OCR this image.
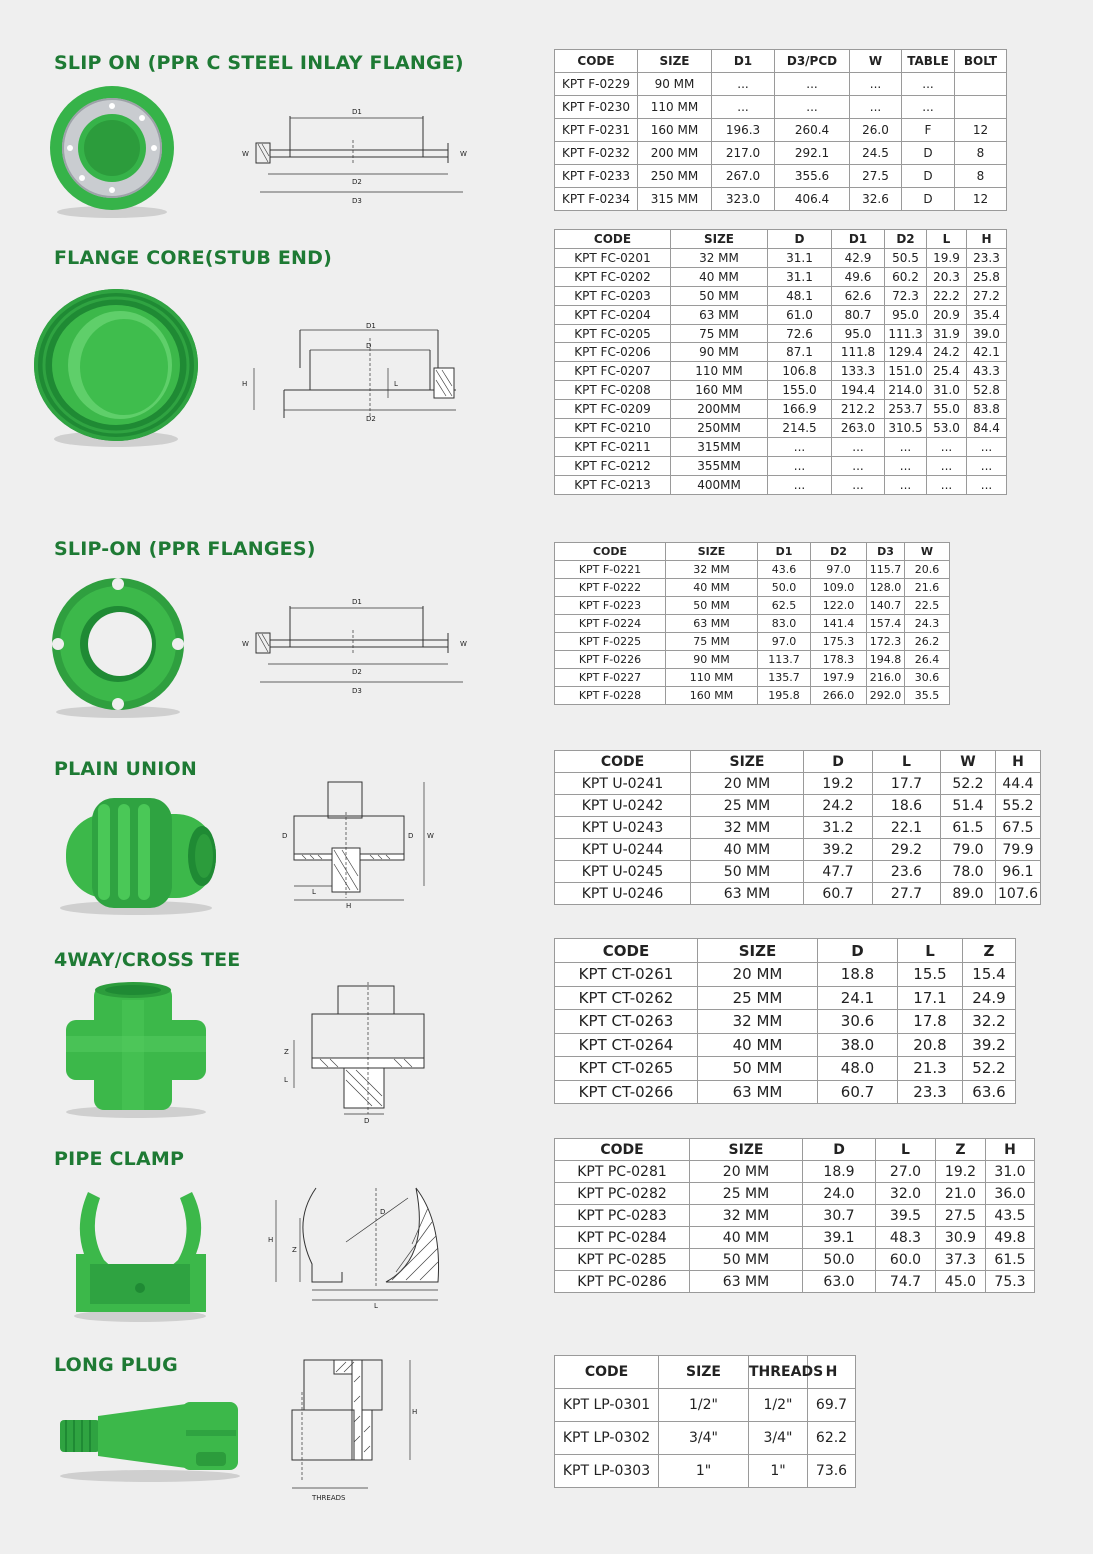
SLIP ON (PPR C STEEL INLAY FLANGE)
D1
D2
D3
W	W
CODE	SIZE	D1	D3/PCD	W	TABLE	BOLT
KPT F-0229	90 MM	...	...	...	...	
KPT F-0230	110 MM	...	...	...	...	
KPT F-0231	160 MM	196.3	260.4	26.0	F	12
KPT F-0232	200 MM	217.0	292.1	24.5	D	8
KPT F-0233	250 MM	267.0	355.6	27.5	D	8
KPT F-0234	315 MM	323.0	406.4	32.6	D	12
FLANGE CORE(STUB END)
D1
D
H	L
D2
CODE	SIZE	D	D1	D2	L	H
KPT FC-0201	32 MM	31.1	42.9	50.5	19.9	23.3
KPT FC-0202	40 MM	31.1	49.6	60.2	20.3	25.8
KPT FC-0203	50 MM	48.1	62.6	72.3	22.2	27.2
KPT FC-0204	63 MM	61.0	80.7	95.0	20.9	35.4
KPT FC-0205	75 MM	72.6	95.0	111.3	31.9	39.0
KPT FC-0206	90 MM	87.1	111.8	129.4	24.2	42.1
KPT FC-0207	110 MM	106.8	133.3	151.0	25.4	43.3
KPT FC-0208	160 MM	155.0	194.4	214.0	31.0	52.8
KPT FC-0209	200MM	166.9	212.2	253.7	55.0	83.8
KPT FC-0210	250MM	214.5	263.0	310.5	53.0	84.4
KPT FC-0211	315MM	...	...	...	...	...
KPT FC-0212	355MM	...	...	...	...	...
KPT FC-0213	400MM	...	...	...	...	...
SLIP-ON (PPR FLANGES)
D1
D2
D3
W	W
CODE	SIZE	D1	D2	D3	W
KPT F-0221	32 MM	43.6	97.0	115.7	20.6
KPT F-0222	40 MM	50.0	109.0	128.0	21.6
KPT F-0223	50 MM	62.5	122.0	140.7	22.5
KPT F-0224	63 MM	83.0	141.4	157.4	24.3
KPT F-0225	75 MM	97.0	175.3	172.3	26.2
KPT F-0226	90 MM	113.7	178.3	194.8	26.4
KPT F-0227	110 MM	135.7	197.9	216.0	30.6
KPT F-0228	160 MM	195.8	266.0	292.0	35.5
PLAIN UNION
D	D W
L
H
CODE	SIZE	D	L	W	H
KPT U-0241	20 MM	19.2	17.7	52.2	44.4
KPT U-0242	25 MM	24.2	18.6	51.4	55.2
KPT U-0243	32 MM	31.2	22.1	61.5	67.5
KPT U-0244	40 MM	39.2	29.2	79.0	79.9
KPT U-0245	50 MM	47.7	23.6	78.0	96.1
KPT U-0246	63 MM	60.7	27.7	89.0	107.6
4WAY/CROSS TEE
Z
L
D
CODE	SIZE	D	L	Z
KPT CT-0261	20 MM	18.8	15.5	15.4
KPT CT-0262	25 MM	24.1	17.1	24.9
KPT CT-0263	32 MM	30.6	17.8	32.2
KPT CT-0264	40 MM	38.0	20.8	39.2
KPT CT-0265	50 MM	48.0	21.3	52.2
KPT CT-0266	63 MM	60.7	23.3	63.6
PIPE CLAMP
H
Z
D
L
CODE	SIZE	D	L	Z	H
KPT PC-0281	20 MM	18.9	27.0	19.2	31.0
KPT PC-0282	25 MM	24.0	32.0	21.0	36.0
KPT PC-0283	32 MM	30.7	39.5	27.5	43.5
KPT PC-0284	40 MM	39.1	48.3	30.9	49.8
KPT PC-0285	50 MM	50.0	60.0	37.3	61.5
KPT PC-0286	63 MM	63.0	74.7	45.0	75.3
LONG PLUG
H
THREADS
CODE	SIZE	THREADS	H
KPT LP-0301	1/2"	1/2"	69.7
KPT LP-0302	3/4"	3/4"	62.2
KPT LP-0303	1"	1"	73.6
